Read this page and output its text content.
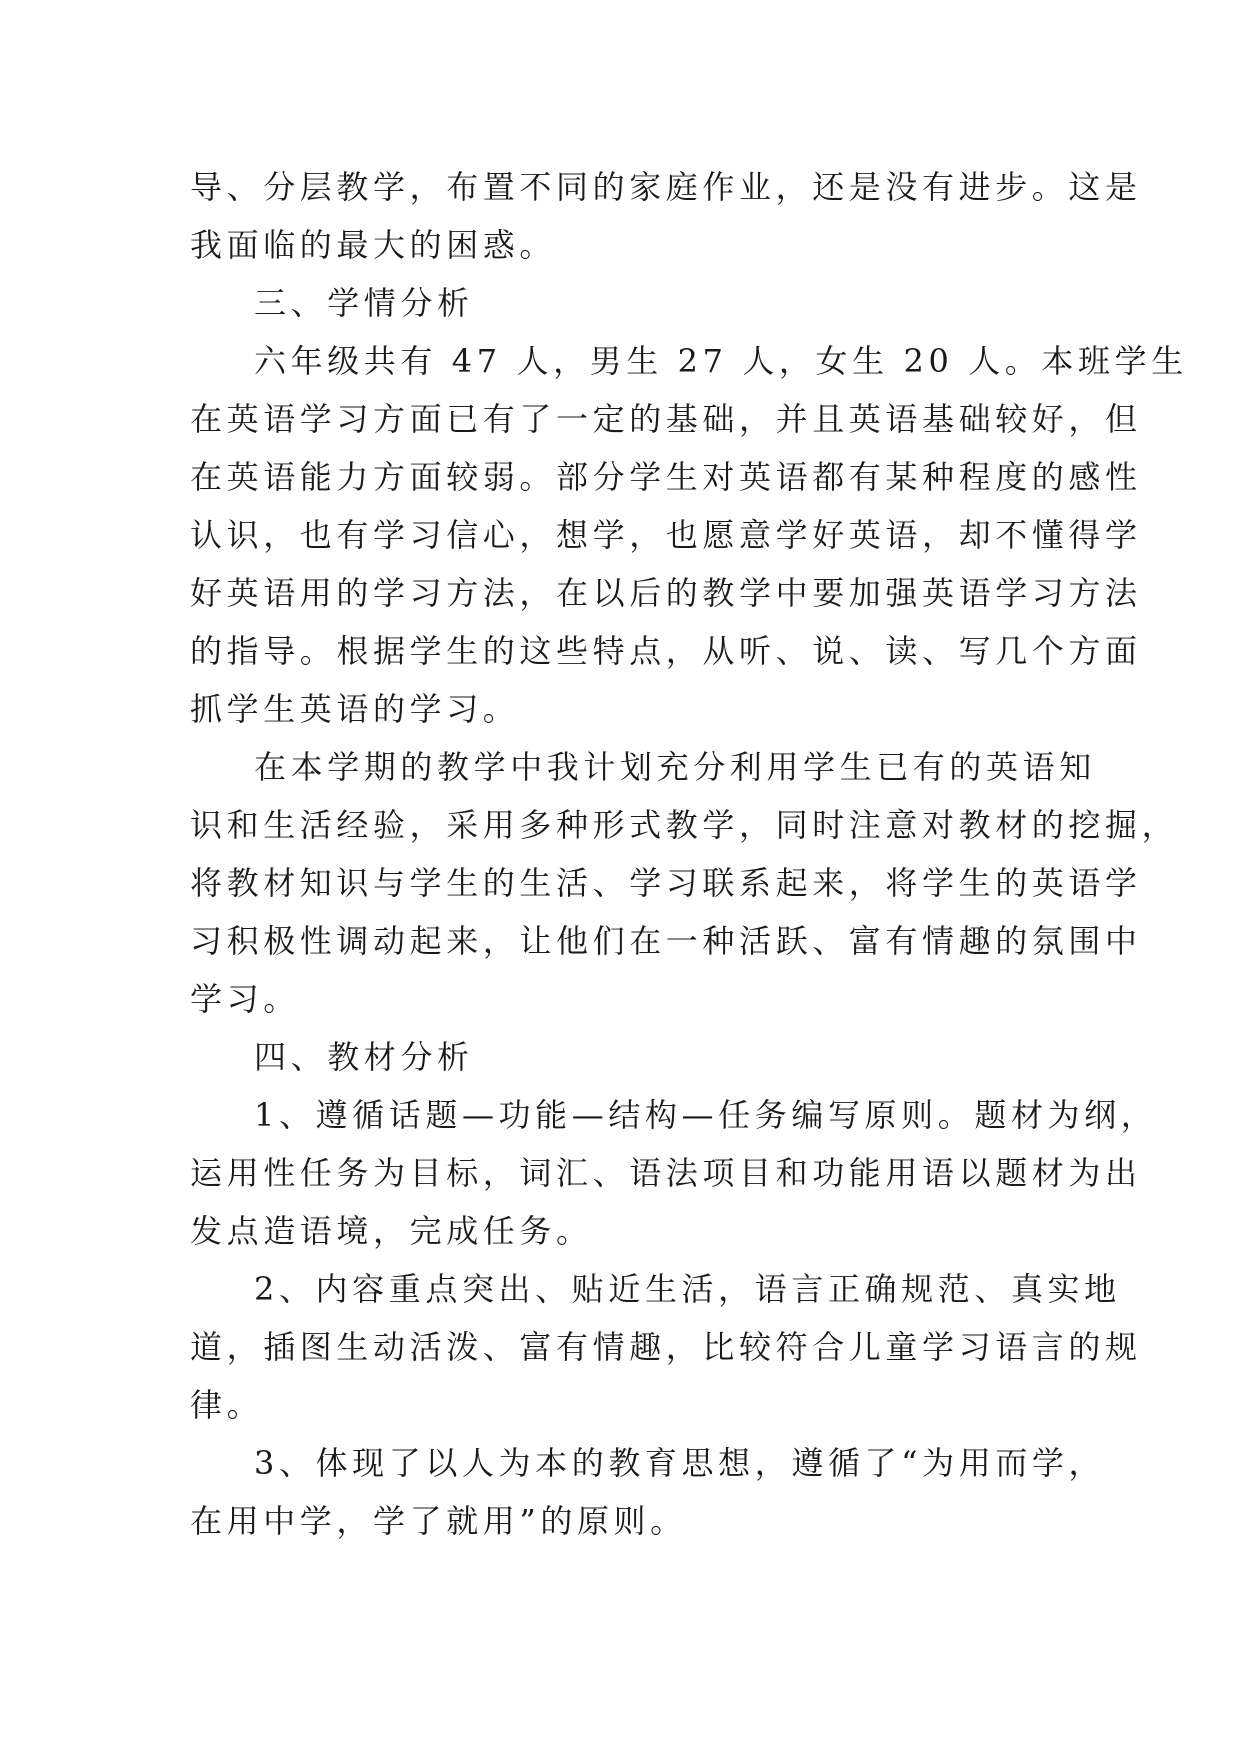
导、分层教学，布置不同的家庭作业，还是没有进步。这是
我面临的最大的困惑。
三、学情分析
六年级共有 47 人，男生 27 人，女生 20 人。本班学生
在英语学习方面已有了一定的基础，并且英语基础较好，但
在英语能力方面较弱。部分学生对英语都有某种程度的感性
认识，也有学习信心，想学，也愿意学好英语，却不懂得学
好英语用的学习方法，在以后的教学中要加强英语学习方法
的指导。根据学生的这些特点，从听、说、读、写几个方面
抓学生英语的学习。
在本学期的教学中我计划充分利用学生已有的英语知
识和生活经验，采用多种形式教学，同时注意对教材的挖掘，
将教材知识与学生的生活、学习联系起来，将学生的英语学
习积极性调动起来，让他们在一种活跃、富有情趣的氛围中
学习。
四、教材分析
1、遵循话题—功能—结构—任务编写原则。题材为纲，
运用性任务为目标，词汇、语法项目和功能用语以题材为出
发点造语境，完成任务。
2、内容重点突出、贴近生活，语言正确规范、真实地
道，插图生动活泼、富有情趣，比较符合儿童学习语言的规
律。
3、体现了以人为本的教育思想，遵循了“为用而学，
在用中学，学了就用”的原则。
